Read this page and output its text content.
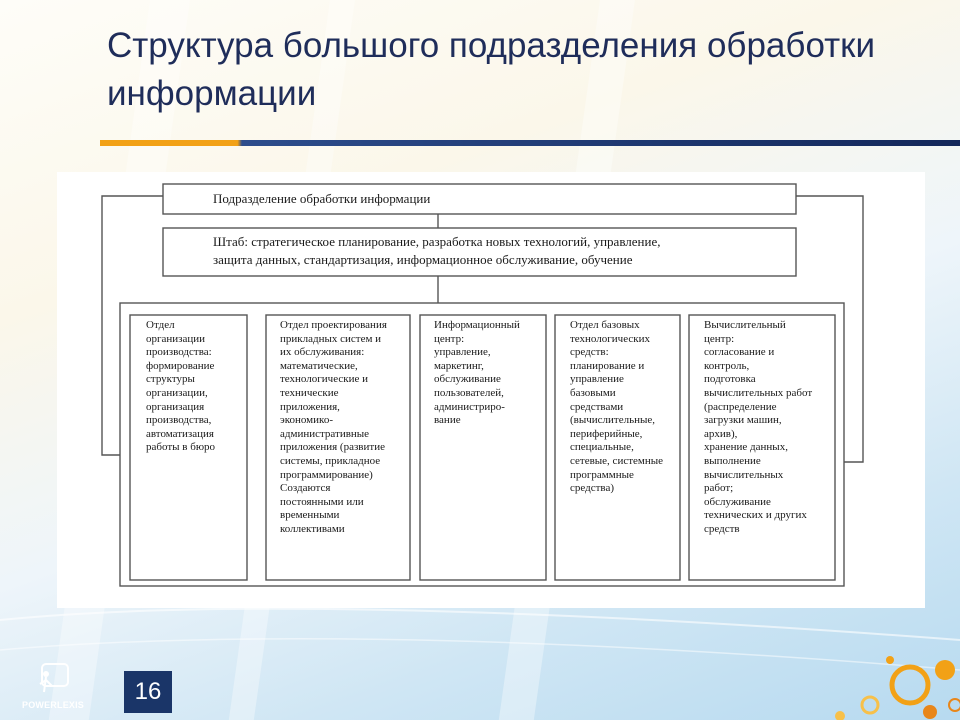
Структура большого подразделения обработки информации
Подразделение обработки информации
Штаб: стратегическое планирование, разработка новых технологий, управление,
защита данных, стандартизация, информационное обслуживание, обучение
Отдел
организации
производства:
формирование
структуры
организации,
организация
производства,
автоматизация
работы в бюро
Отдел проектирования
прикладных систем и
их обслуживания:
математические,
технологические и
технические
приложения,
экономико-
административные
приложения (развитие
системы, прикладное
программирование)
Создаются
постоянными или
временными
коллективами
Информационный
центр:
управление,
маркетинг,
обслуживание
пользователей,
администриро-
вание
Отдел базовых
технологических
средств:
планирование и
управление
базовыми
средствами
(вычислительные,
периферийные,
специальные,
сетевые, системные
программные
средства)
Вычислительный
центр:
согласование и
контроль,
подготовка
вычислительных работ
(распределение
загрузки машин,
архив),
хранение данных,
выполнение
вычислительных
работ;
обслуживание
технических и других
средств
POWERLEXIS	16
